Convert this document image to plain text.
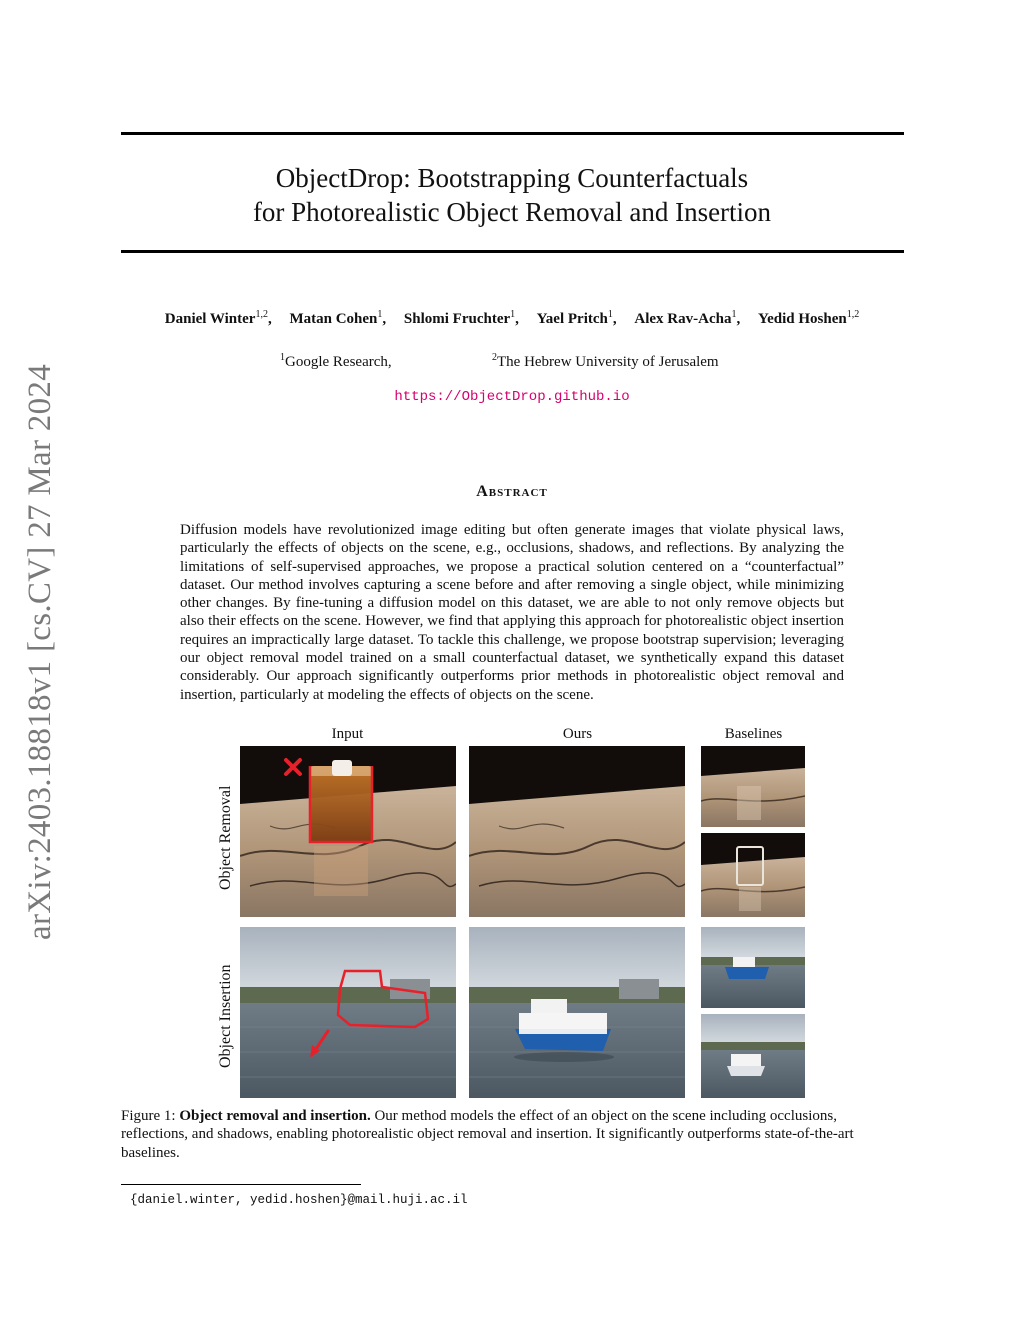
arXiv:2403.18818v1 [cs.CV] 27 Mar 2024
ObjectDrop: Bootstrapping Counterfactuals
for Photorealistic Object Removal and Insertion
Daniel Winter$^{1,2}$, Matan Cohen$^1$, Shlomi Fruchter$^1$, Yael Pritch$^1$, Alex Rav-Acha$^1$, Yedid Hoshen$^{1,2}$
$^1$Google Research,	$^2$The Hebrew University of Jerusalem
https://ObjectDrop.github.io
Abstract
Diffusion models have revolutionized image editing but often generate images that violate physical laws, particularly the effects of objects on the scene, e.g., occlusions, shadows, and reflections. By analyzing the limitations of self-supervised approaches, we propose a practical solution centered on a “counterfactual” dataset. Our method involves capturing a scene before and after removing a single object, while minimizing other changes. By fine-tuning a diffusion model on this dataset, we are able to not only remove objects but also their effects on the scene. However, we find that applying this approach for photorealistic object insertion requires an impractically large dataset. To tackle this challenge, we propose bootstrap supervision; leveraging our object removal model trained on a small counterfactual dataset, we synthetically expand this dataset considerably. Our approach significantly outperforms prior methods in photorealistic object removal and insertion, particularly at modeling the effects of objects on the scene.
Input	Ours	Baselines
Object Removal
Object Insertion
Figure 1: Object removal and insertion. Our method models the effect of an object on the scene including occlusions, reflections, and shadows, enabling photorealistic object removal and insertion. It significantly outperforms state-of-the-art baselines.
{daniel.winter, yedid.hoshen}@mail.huji.ac.il
